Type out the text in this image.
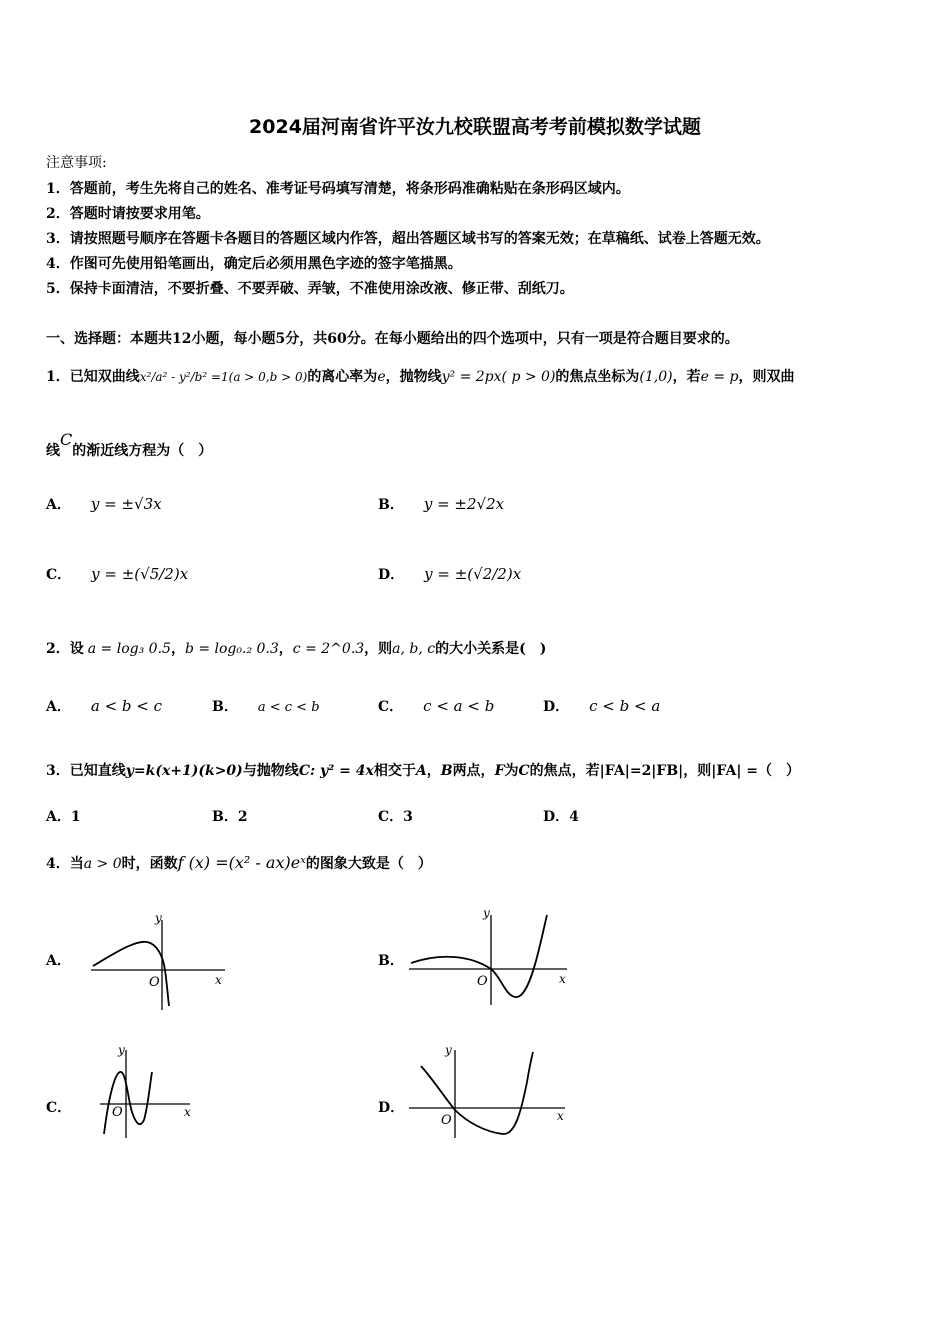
2024届河南省许平汝九校联盟高考考前模拟数学试题
注意事项:
1．答题前，考生先将自己的姓名、准考证号码填写清楚，将条形码准确粘贴在条形码区域内。
2．答题时请按要求用笔。
3．请按照题号顺序在答题卡各题目的答题区域内作答，超出答题区域书写的答案无效；在草稿纸、试卷上答题无效。
4．作图可先使用铅笔画出，确定后必须用黑色字迹的签字笔描黑。
5．保持卡面清洁，不要折叠、不要弄破、弄皱，不准使用涂改液、修正带、刮纸刀。
一、选择题：本题共12小题，每小题5分，共60分。在每小题给出的四个选项中，只有一项是符合题目要求的。
1．已知双曲线x²/a² - y²/b² =1(a > 0,b > 0)的离心率为e，抛物线y² = 2px( p > 0)的焦点坐标为(1,0)，若e = p，则双曲
线C的渐近线方程为（　）
A． y = ±√3x	B． y = ±2√2x
C． y = ±(√5/2)x	D． y = ±(√2/2)x
2．设 a = log₃ 0.5，b = log₀.₂ 0.3，c = 2^0.3，则a, b, c的大小关系是(　)
A． a < b < c	B． a < c < b	C． c < a < b	D． c < b < a
3．已知直线y=k(x+1)(k>0)与抛物线C: y² = 4x相交于A，B两点，F为C的焦点，若|FA|=2|FB|，则|FA| =（　）
A．1	B．2	C．3	D．4
4．当a > 0时，函数f (x) =(x² - ax)eˣ的图象大致是（　）
A．
y
x
O
B．
y
x
O
C．
y
x
O	D．
y
x
O
